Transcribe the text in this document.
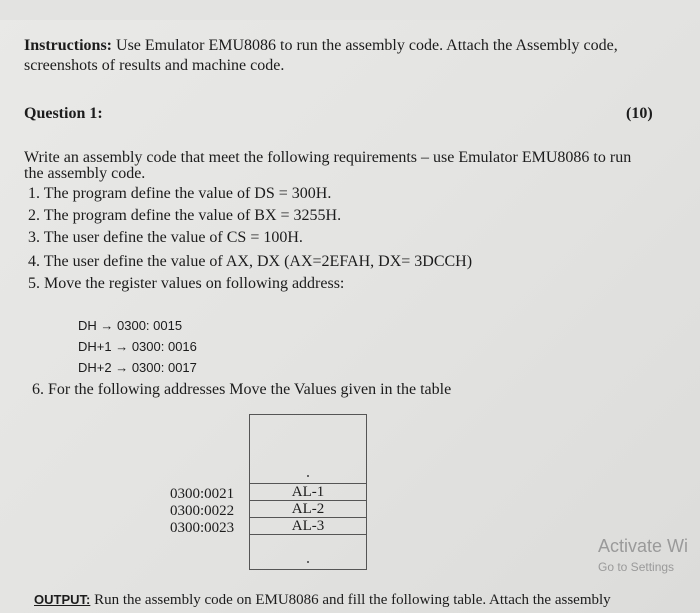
Instructions: Use Emulator EMU8086 to run the assembly code. Attach the Assembly code,

screenshots of results and machine code.

Question 1:	(10)

Write an assembly code that meet the following requirements – use Emulator EMU8086 to run

the assembly code.

1. The program define the value of DS = 300H.

2. The program define the value of BX = 3255H.

3. The user define the value of CS = 100H.

4. The user define the value of AX, DX (AX=2EFAH, DX= 3DCCH)

5. Move the register values on following address:

DH → 0300: 0015

DH+1 → 0300: 0016

DH+2 → 0300: 0017

6. For the following addresses Move the Values given in the table

0300:0021
0300:0022
0300:0023
AL-1
AL-2
AL-3
Activate Wi
Go to Settings

OUTPUT: Run the assembly code on EMU8086 and fill the following table. Attach the assembly
